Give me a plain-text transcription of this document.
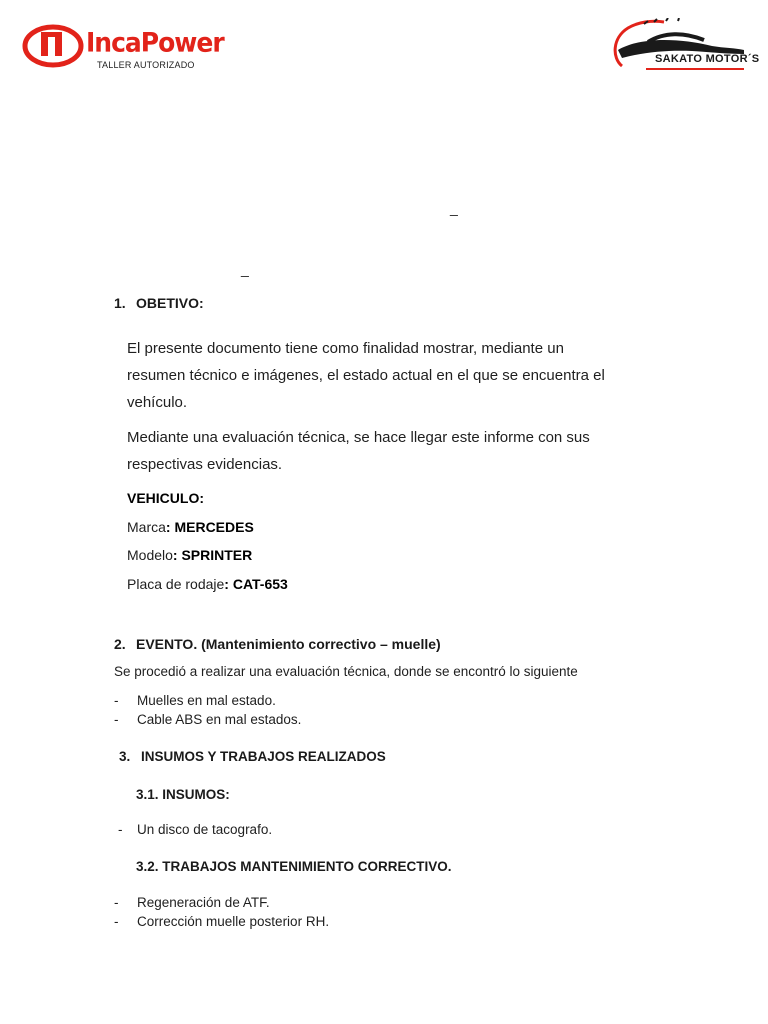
IncaPower
TALLER AUTORIZADO	SAKATO MOTOR´S
_
_
1. OBETIVO:
El presente documento tiene como finalidad mostrar, mediante un
resumen técnico e imágenes, el estado actual en el que se encuentra el
vehículo.
Mediante una evaluación técnica, se hace llegar este informe con sus
respectivas evidencias.
VEHICULO:
Marca: MERCEDES
Modelo: SPRINTER
Placa de rodaje: CAT-653
2. EVENTO. (Mantenimiento correctivo – muelle)
Se procedió a realizar una evaluación técnica, donde se encontró lo siguiente
- Muelles en mal estado.
- Cable ABS en mal estados.
3. INSUMOS Y TRABAJOS REALIZADOS
3.1. INSUMOS:
- Un disco de tacografo.
3.2. TRABAJOS MANTENIMIENTO CORRECTIVO.
- Regeneración de ATF.
- Corrección muelle posterior RH.
